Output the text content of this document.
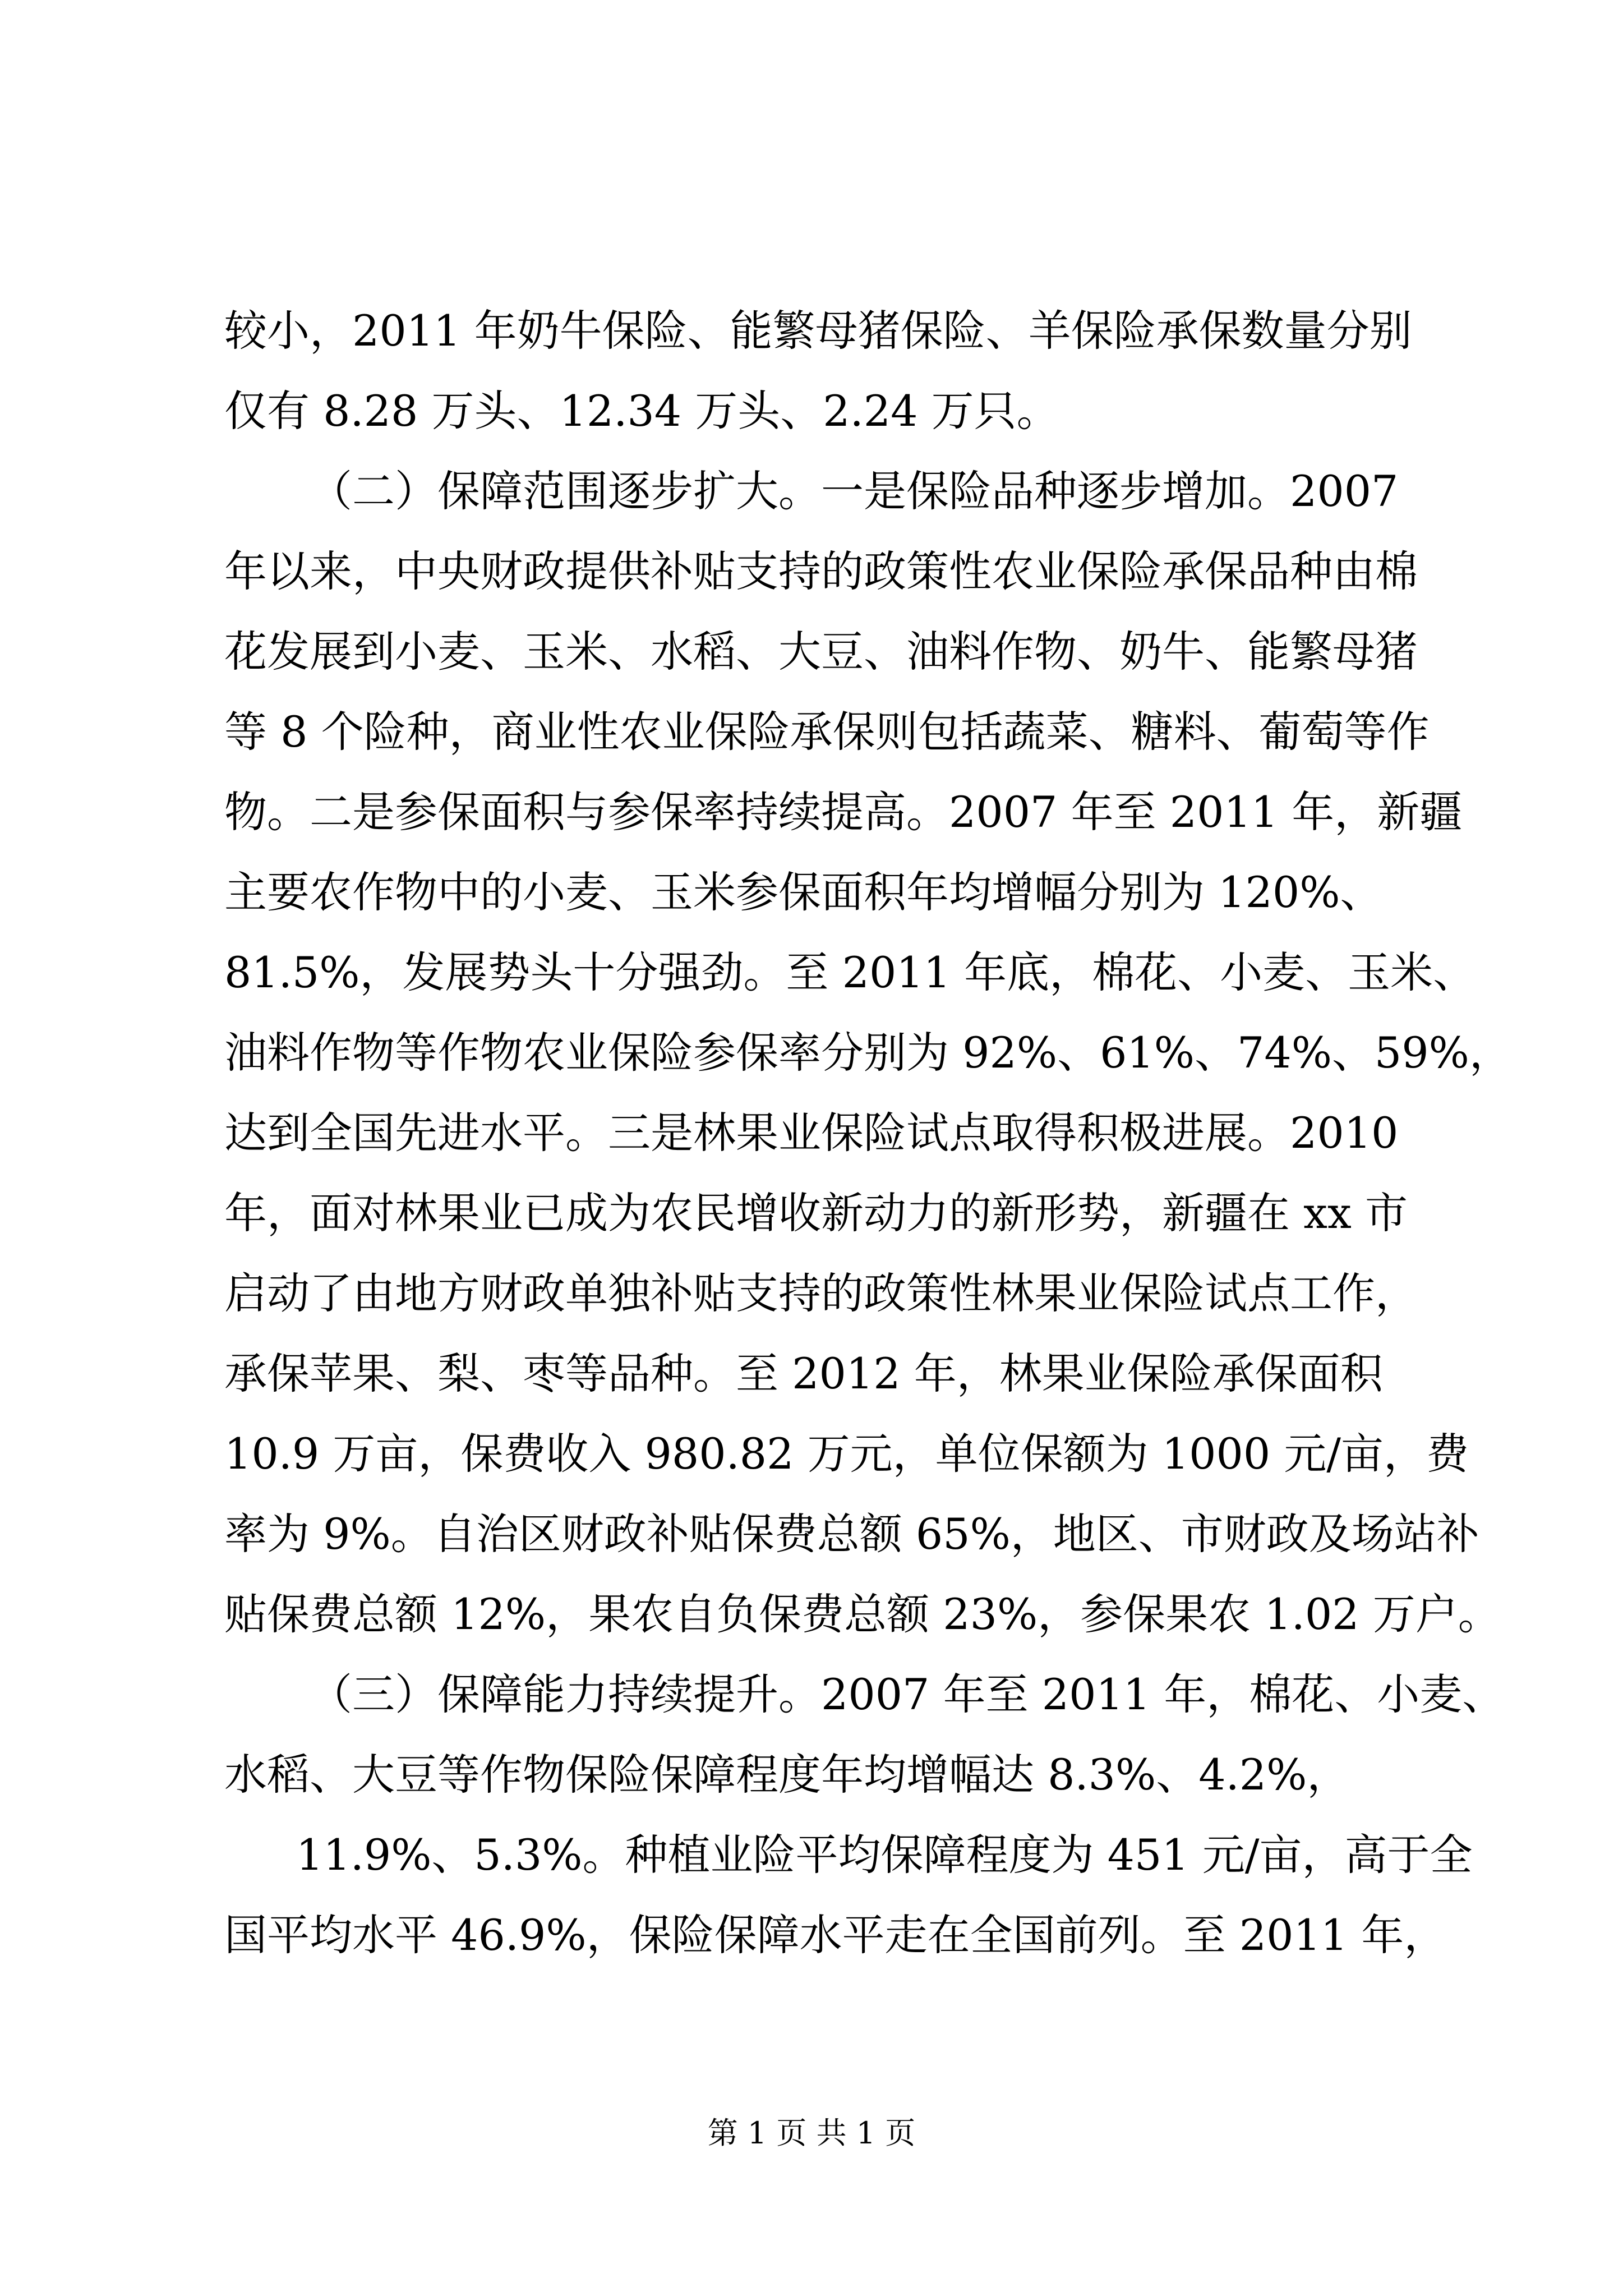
较小，2011 年奶牛保险、能繁母猪保险、羊保险承保数量分别
仅有 8.28 万头、12.34 万头、2.24 万只。
（二）保障范围逐步扩大。一是保险品种逐步增加。2007
年以来，中央财政提供补贴支持的政策性农业保险承保品种由棉
花发展到小麦、玉米、水稻、大豆、油料作物、奶牛、能繁母猪
等 8 个险种，商业性农业保险承保则包括蔬菜、糖料、葡萄等作
物。二是参保面积与参保率持续提高。2007 年至 2011 年，新疆
主要农作物中的小麦、玉米参保面积年均增幅分别为 120%、
81.5%，发展势头十分强劲。至 2011 年底，棉花、小麦、玉米、
油料作物等作物农业保险参保率分别为 92%、61%、74%、59%，
达到全国先进水平。三是林果业保险试点取得积极进展。2010
年，面对林果业已成为农民增收新动力的新形势，新疆在 xx 市
启动了由地方财政单独补贴支持的政策性林果业保险试点工作，
承保苹果、梨、枣等品种。至 2012 年，林果业保险承保面积
10.9 万亩，保费收入 980.82 万元，单位保额为 1000 元/亩，费
率为 9%。自治区财政补贴保费总额 65%，地区、市财政及场站补
贴保费总额 12%，果农自负保费总额 23%，参保果农 1.02 万户。
（三）保障能力持续提升。2007 年至 2011 年，棉花、小麦、
水稻、大豆等作物保险保障程度年均增幅达 8.3%、4.2%，
11.9%、5.3%。种植业险平均保障程度为 451 元/亩，高于全
国平均水平 46.9%，保险保障水平走在全国前列。至 2011 年，
第 1 页 共 1 页
